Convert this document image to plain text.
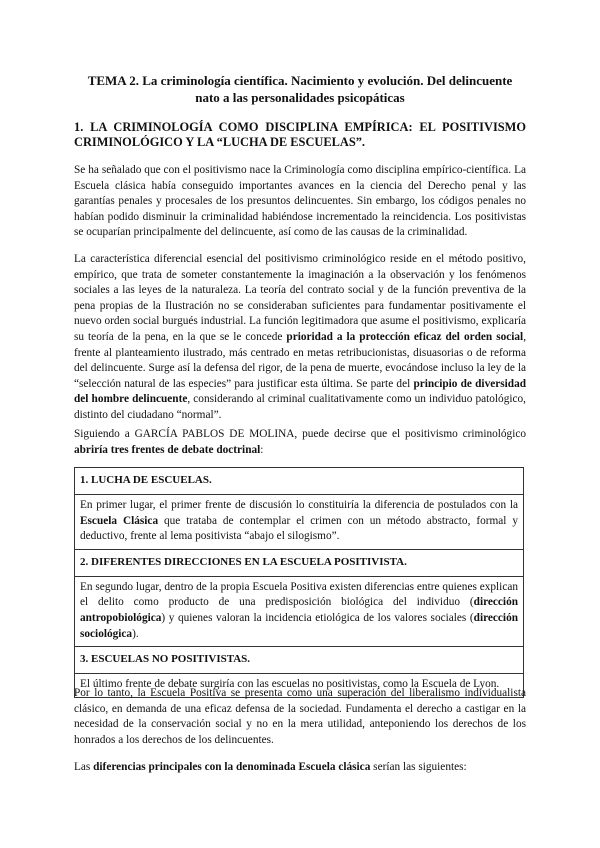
TEMA 2. La criminología científica. Nacimiento y evolución. Del delincuente nato a las personalidades psicopáticas
1. LA CRIMINOLOGÍA COMO DISCIPLINA EMPÍRICA: EL POSITIVISMO CRIMINOLÓGICO Y LA “LUCHA DE ESCUELAS”.

Se ha señalado que con el positivismo nace la Criminología como disciplina empírico-científica. La Escuela clásica había conseguido importantes avances en la ciencia del Derecho penal y las garantías penales y procesales de los presuntos delincuentes. Sin embargo, los códigos penales no habían podido disminuir la criminalidad habiéndose incrementado la reincidencia. Los positivistas se ocuparían principalmente del delincuente, así como de las causas de la criminalidad.

La característica diferencial esencial del positivismo criminológico reside en el método positivo, empírico, que trata de someter constantemente la imaginación a la observación y los fenómenos sociales a las leyes de la naturaleza. La teoría del contrato social y de la función preventiva de la pena propias de la Ilustración no se consideraban suficientes para fundamentar positivamente el nuevo orden social burgués industrial. La función legitimadora que asume el positivismo, explicaría su teoría de la pena, en la que se le concede prioridad a la protección eficaz del orden social, frente al planteamiento ilustrado, más centrado en metas retribucionistas, disuasorias o de reforma del delincuente. Surge así la defensa del rigor, de la pena de muerte, evocándose incluso la ley de la “selección natural de las especies” para justificar esta última. Se parte del principio de diversidad del hombre delincuente, considerando al criminal cualitativamente como un individuo patológico, distinto del ciudadano “normal”.

Siguiendo a GARCÍA PABLOS DE MOLINA, puede decirse que el positivismo criminológico abriría tres frentes de debate doctrinal:

1. LUCHA DE ESCUELAS.
En primer lugar, el primer frente de discusión lo constituiría la diferencia de postulados con la Escuela Clásica que trataba de contemplar el crimen con un método abstracto, formal y deductivo, frente al lema positivista “abajo el silogismo”.
2. DIFERENTES DIRECCIONES EN LA ESCUELA POSITIVISTA.
En segundo lugar, dentro de la propia Escuela Positiva existen diferencias entre quienes explican el delito como producto de una predisposición biológica del individuo (dirección antropobiológica) y quienes valoran la incidencia etiológica de los valores sociales (dirección sociológica).
3. ESCUELAS NO POSITIVISTAS.
El último frente de debate surgiría con las escuelas no positivistas, como la Escuela de Lyon.

Por lo tanto, la Escuela Positiva se presenta como una superación del liberalismo individualista clásico, en demanda de una eficaz defensa de la sociedad. Fundamenta el derecho a castigar en la necesidad de la conservación social y no en la mera utilidad, anteponiendo los derechos de los honrados a los derechos de los delincuentes.

Las diferencias principales con la denominada Escuela clásica serían las siguientes:
